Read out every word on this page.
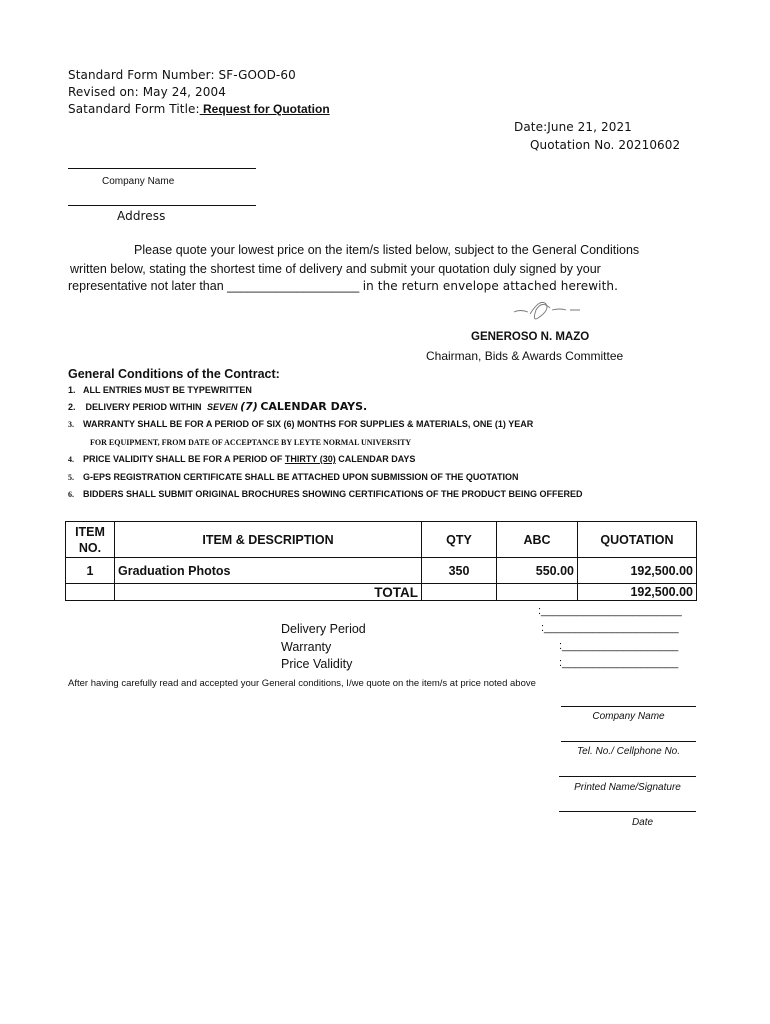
Standard Form Number: SF-GOOD-60
Revised on: May 24, 2004
Satandard Form Title: Request for Quotation
Date:June 21, 2021
Quotation No. 20210602
Company Name
Address
Please quote your lowest price on the item/s listed below, subject to the General Conditions
written below, stating the shortest time of delivery and submit your quotation duly signed by your
representative not later than ___________________ in the return envelope attached herewith.
GENEROSO N. MAZO
Chairman, Bids & Awards Committee
General Conditions of the Contract:
1. ALL ENTRIES MUST BE TYPEWRITTEN
2. DELIVERY PERIOD WITHIN SEVEN (7) CALENDAR DAYS.
3. WARRANTY SHALL BE FOR A PERIOD OF SIX (6) MONTHS FOR SUPPLIES & MATERIALS, ONE (1) YEAR
FOR EQUIPMENT, FROM DATE OF ACCEPTANCE BY LEYTE NORMAL UNIVERSITY
4. PRICE VALIDITY SHALL BE FOR A PERIOD OF THIRTY (30) CALENDAR DAYS
5. G-EPS REGISTRATION CERTIFICATE SHALL BE ATTACHED UPON SUBMISSION OF THE QUOTATION
6. BIDDERS SHALL SUBMIT ORIGINAL BROCHURES SHOWING CERTIFICATIONS OF THE PRODUCT BEING OFFERED
ITEM
NO.	ITEM & DESCRIPTION	QTY	ABC	QUOTATION
1	Graduation Photos	350	550.00	192,500.00
	TOTAL			192,500.00
:_______________________
Delivery Period	:______________________
Warranty	:___________________
Price Validity	:___________________
After having carefully read and accepted your General conditions, I/we quote on the item/s at price noted above
Company Name
Tel. No./ Cellphone No.
Printed Name/Signature
Date
